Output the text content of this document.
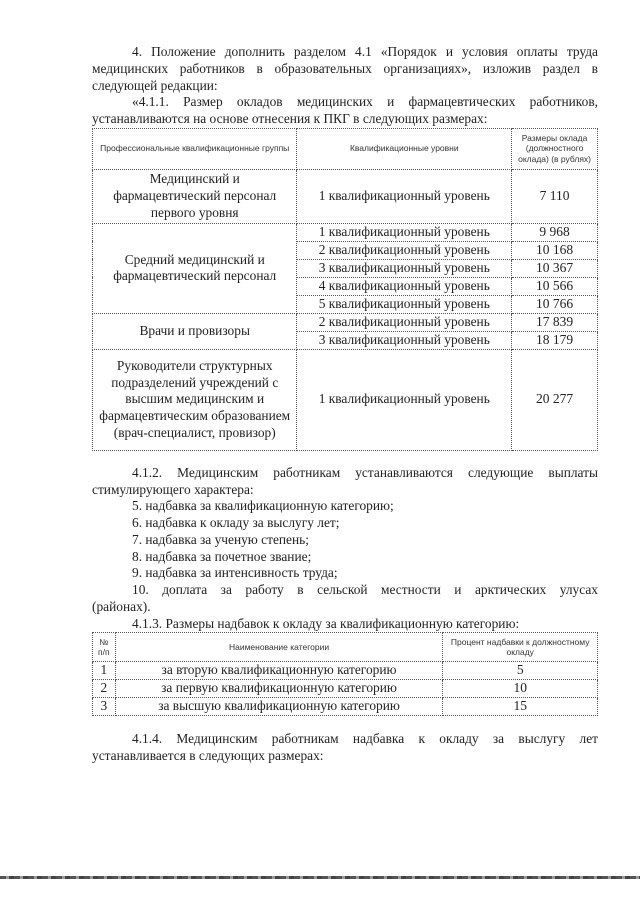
4. Положение дополнить разделом 4.1 «Порядок и условия оплаты труда

медицинских работников в образовательных организациях», изложив раздел в

следующей редакции:

«4.1.1. Размер окладов медицинских и фармацевтических работников,

устанавливаются на основе отнесения к ПКГ в следующих размерах:

Профессиональные квалификационные группы	Квалификационные уровни	Размеры оклада (должностного оклада) (в рублях)
Медицинский и фармацевтический персонал первого уровня	1 квалификационный уровень	7 110
Средний медицинский и фармацевтический персонал	1 квалификационный уровень	9 968
	2 квалификационный уровень	10 168
	3 квалификационный уровень	10 367
	4 квалификационный уровень	10 566
	5 квалификационный уровень	10 766
Врачи и провизоры	2 квалификационный уровень	17 839
	3 квалификационный уровень	18 179
Руководители структурных подразделений учреждений с высшим медицинским и фармацевтическим образованием (врач-специалист, провизор)	1 квалификационный уровень	20 277

4.1.2. Медицинским работникам устанавливаются следующие выплаты

стимулирующего характера:

5. надбавка за квалификационную категорию;

6. надбавка к окладу за выслугу лет;

7. надбавка за ученую степень;

8. надбавка за почетное звание;

9. надбавка за интенсивность труда;

10. доплата за работу в сельской местности и арктических улусах

(районах).

4.1.3. Размеры надбавок к окладу за квалификационную категорию:

№ п/п	Наименование категории	Процент надбавки к должностному окладу
1	за вторую квалификационную категорию	5
2	за первую квалификационную категорию	10
3	за высшую квалификационную категорию	15

4.1.4. Медицинским работникам надбавка к окладу за выслугу лет

устанавливается в следующих размерах:
